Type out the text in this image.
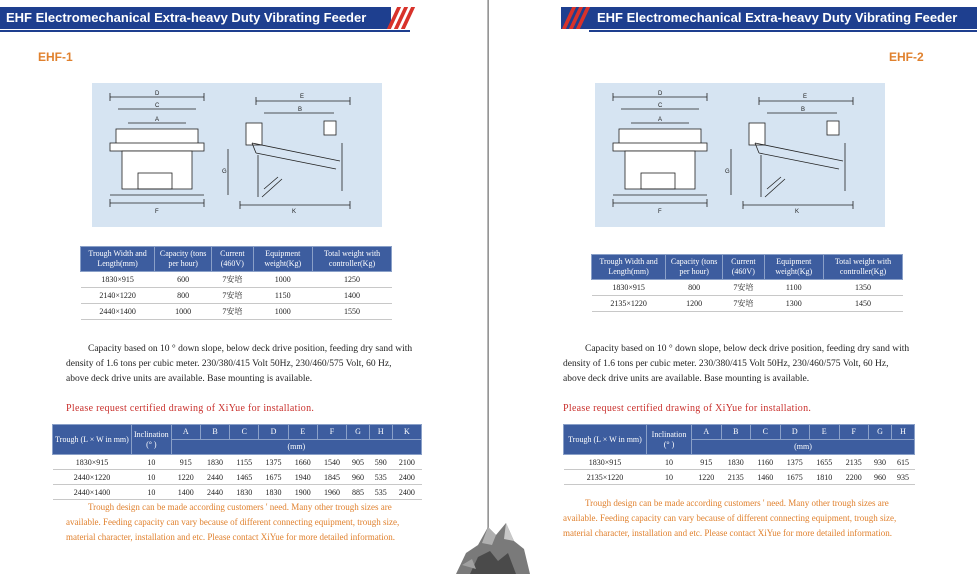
EHF Electromechanical Extra-heavy Duty Vibrating Feeder
EHF-1
D
C
A
F
E
B
G
K
Trough Width and Length(mm)	Capacity (tons per hour)	Current (460V)	Equipment weight(Kg)	Total weight with controller(Kg)
1830×915	600	7安培	1000	1250
2140×1220	800	7安培	1150	1400
2440×1400	1000	7安培	1000	1550
Capacity based on 10 ° down slope, below deck drive position, feeding dry sand with density of 1.6 tons per cubic meter. 230/380/415 Volt 50Hz, 230/460/575 Volt, 60 Hz, above deck drive units are available. Base mounting is available.
Please request certified drawing of XiYue for installation.
Trough (L × W in mm)	Inclination (° )	A	B	C	D	E	F	G	H	K
		(mm)								
1830×915	10	915	1830	1155	1375	1660	1540	905	590	2100
2440×1220	10	1220	2440	1465	1675	1940	1845	960	535	2400
2440×1400	10	1400	2440	1830	1830	1900	1960	885	535	2400
Trough design can be made according customers ' need. Many other trough sizes are available. Feeding capacity can vary because of different connecting equipment, trough size, material character, installation and etc. Please contact XiYue for more detailed information.
EHF Electromechanical Extra-heavy Duty Vibrating Feeder
EHF-2
D
C
A
F
E
B
G
K
Trough Width and Length(mm)	Capacity (tons per hour)	Current (460V)	Equipment weight(Kg)	Total weight with controller(Kg)
1830×915	800	7安培	1100	1350
2135×1220	1200	7安培	1300	1450
Capacity based on 10 ° down slope, below deck drive position, feeding dry sand with density of 1.6 tons per cubic meter. 230/380/415 Volt 50Hz, 230/460/575 Volt, 60 Hz, above deck drive units are available. Base mounting is available.
Please request certified drawing of XiYue for installation.
Trough (L × W in mm)	Inclination (° )	A	B	C	D	E	F	G	H
		(mm)							
1830×915	10	915	1830	1160	1375	1655	2135	930	615
2135×1220	10	1220	2135	1460	1675	1810	2200	960	935
Trough design can be made according customers ' need. Many other trough sizes are available. Feeding capacity can vary because of different connecting equipment, trough size, material character, installation and etc. Please contact XiYue for more detailed information.
